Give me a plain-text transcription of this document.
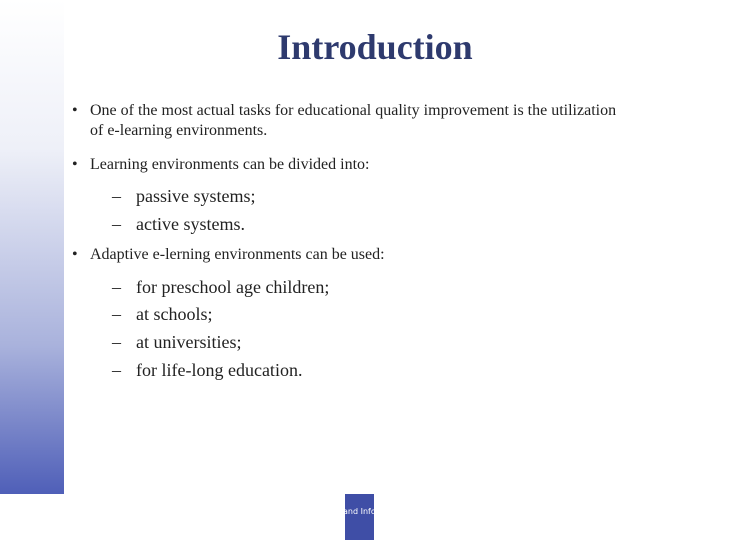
Introduction
• One of the most actual tasks for educational quality improvement is the utilization of e-learning environments.
• Learning environments can be divided into:
– passive systems;
– active systems.
• Adaptive e-lerning environments can be used:
– for preschool age children;
– at schools;
– at universities;
– for life-long education.
and Info
